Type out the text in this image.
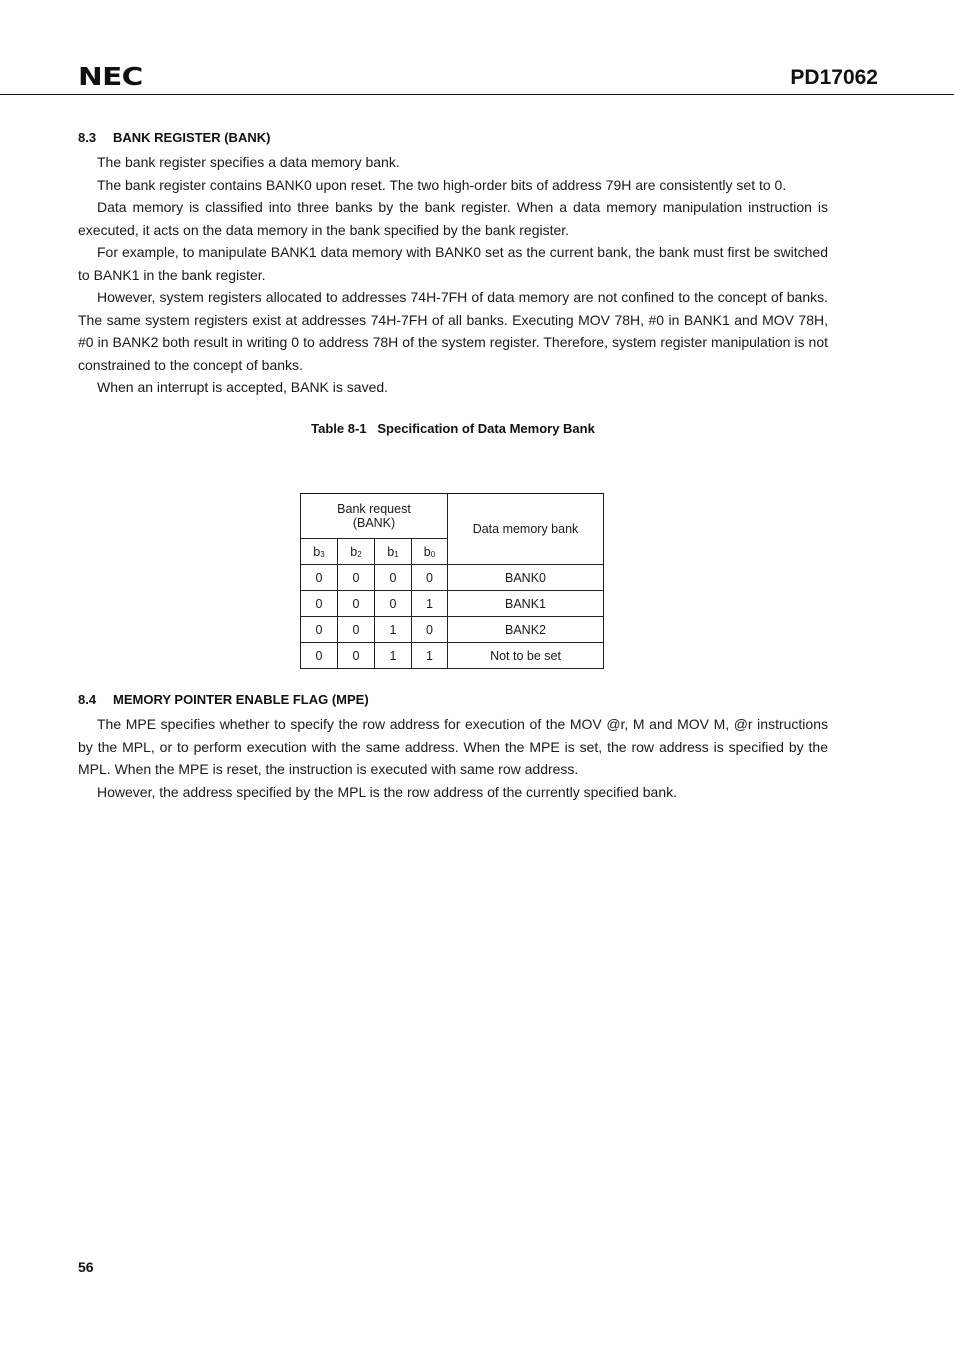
NEC	PD17062
8.3 BANK REGISTER (BANK)

The bank register specifies a data memory bank.

The bank register contains BANK0 upon reset. The two high-order bits of address 79H are consistently set to 0.

Data memory is classified into three banks by the bank register. When a data memory manipulation instruction is executed, it acts on the data memory in the bank specified by the bank register.

For example, to manipulate BANK1 data memory with BANK0 set as the current bank, the bank must first be switched to BANK1 in the bank register.

However, system registers allocated to addresses 74H-7FH of data memory are not confined to the concept of banks. The same system registers exist at addresses 74H-7FH of all banks. Executing MOV 78H, #0 in BANK1 and MOV 78H, #0 in BANK2 both result in writing 0 to address 78H of the system register. Therefore, system register manipulation is not constrained to the concept of banks.

When an interrupt is accepted, BANK is saved.

Table 8-1   Specification of Data Memory Bank
Bank request
(BANK)				Data memory bank
$b_3$	$b_2$	$b_1$	$b_0$
0	0	0	0	BANK0
0	0	0	1	BANK1
0	0	1	0	BANK2
0	0	1	1	Not to be set
8.4 MEMORY POINTER ENABLE FLAG (MPE)

The MPE specifies whether to specify the row address for execution of the MOV @r, M and MOV M, @r instructions by the MPL, or to perform execution with the same address. When the MPE is set, the row address is specified by the MPL. When the MPE is reset, the instruction is executed with same row address.

However, the address specified by the MPL is the row address of the currently specified bank.

56
